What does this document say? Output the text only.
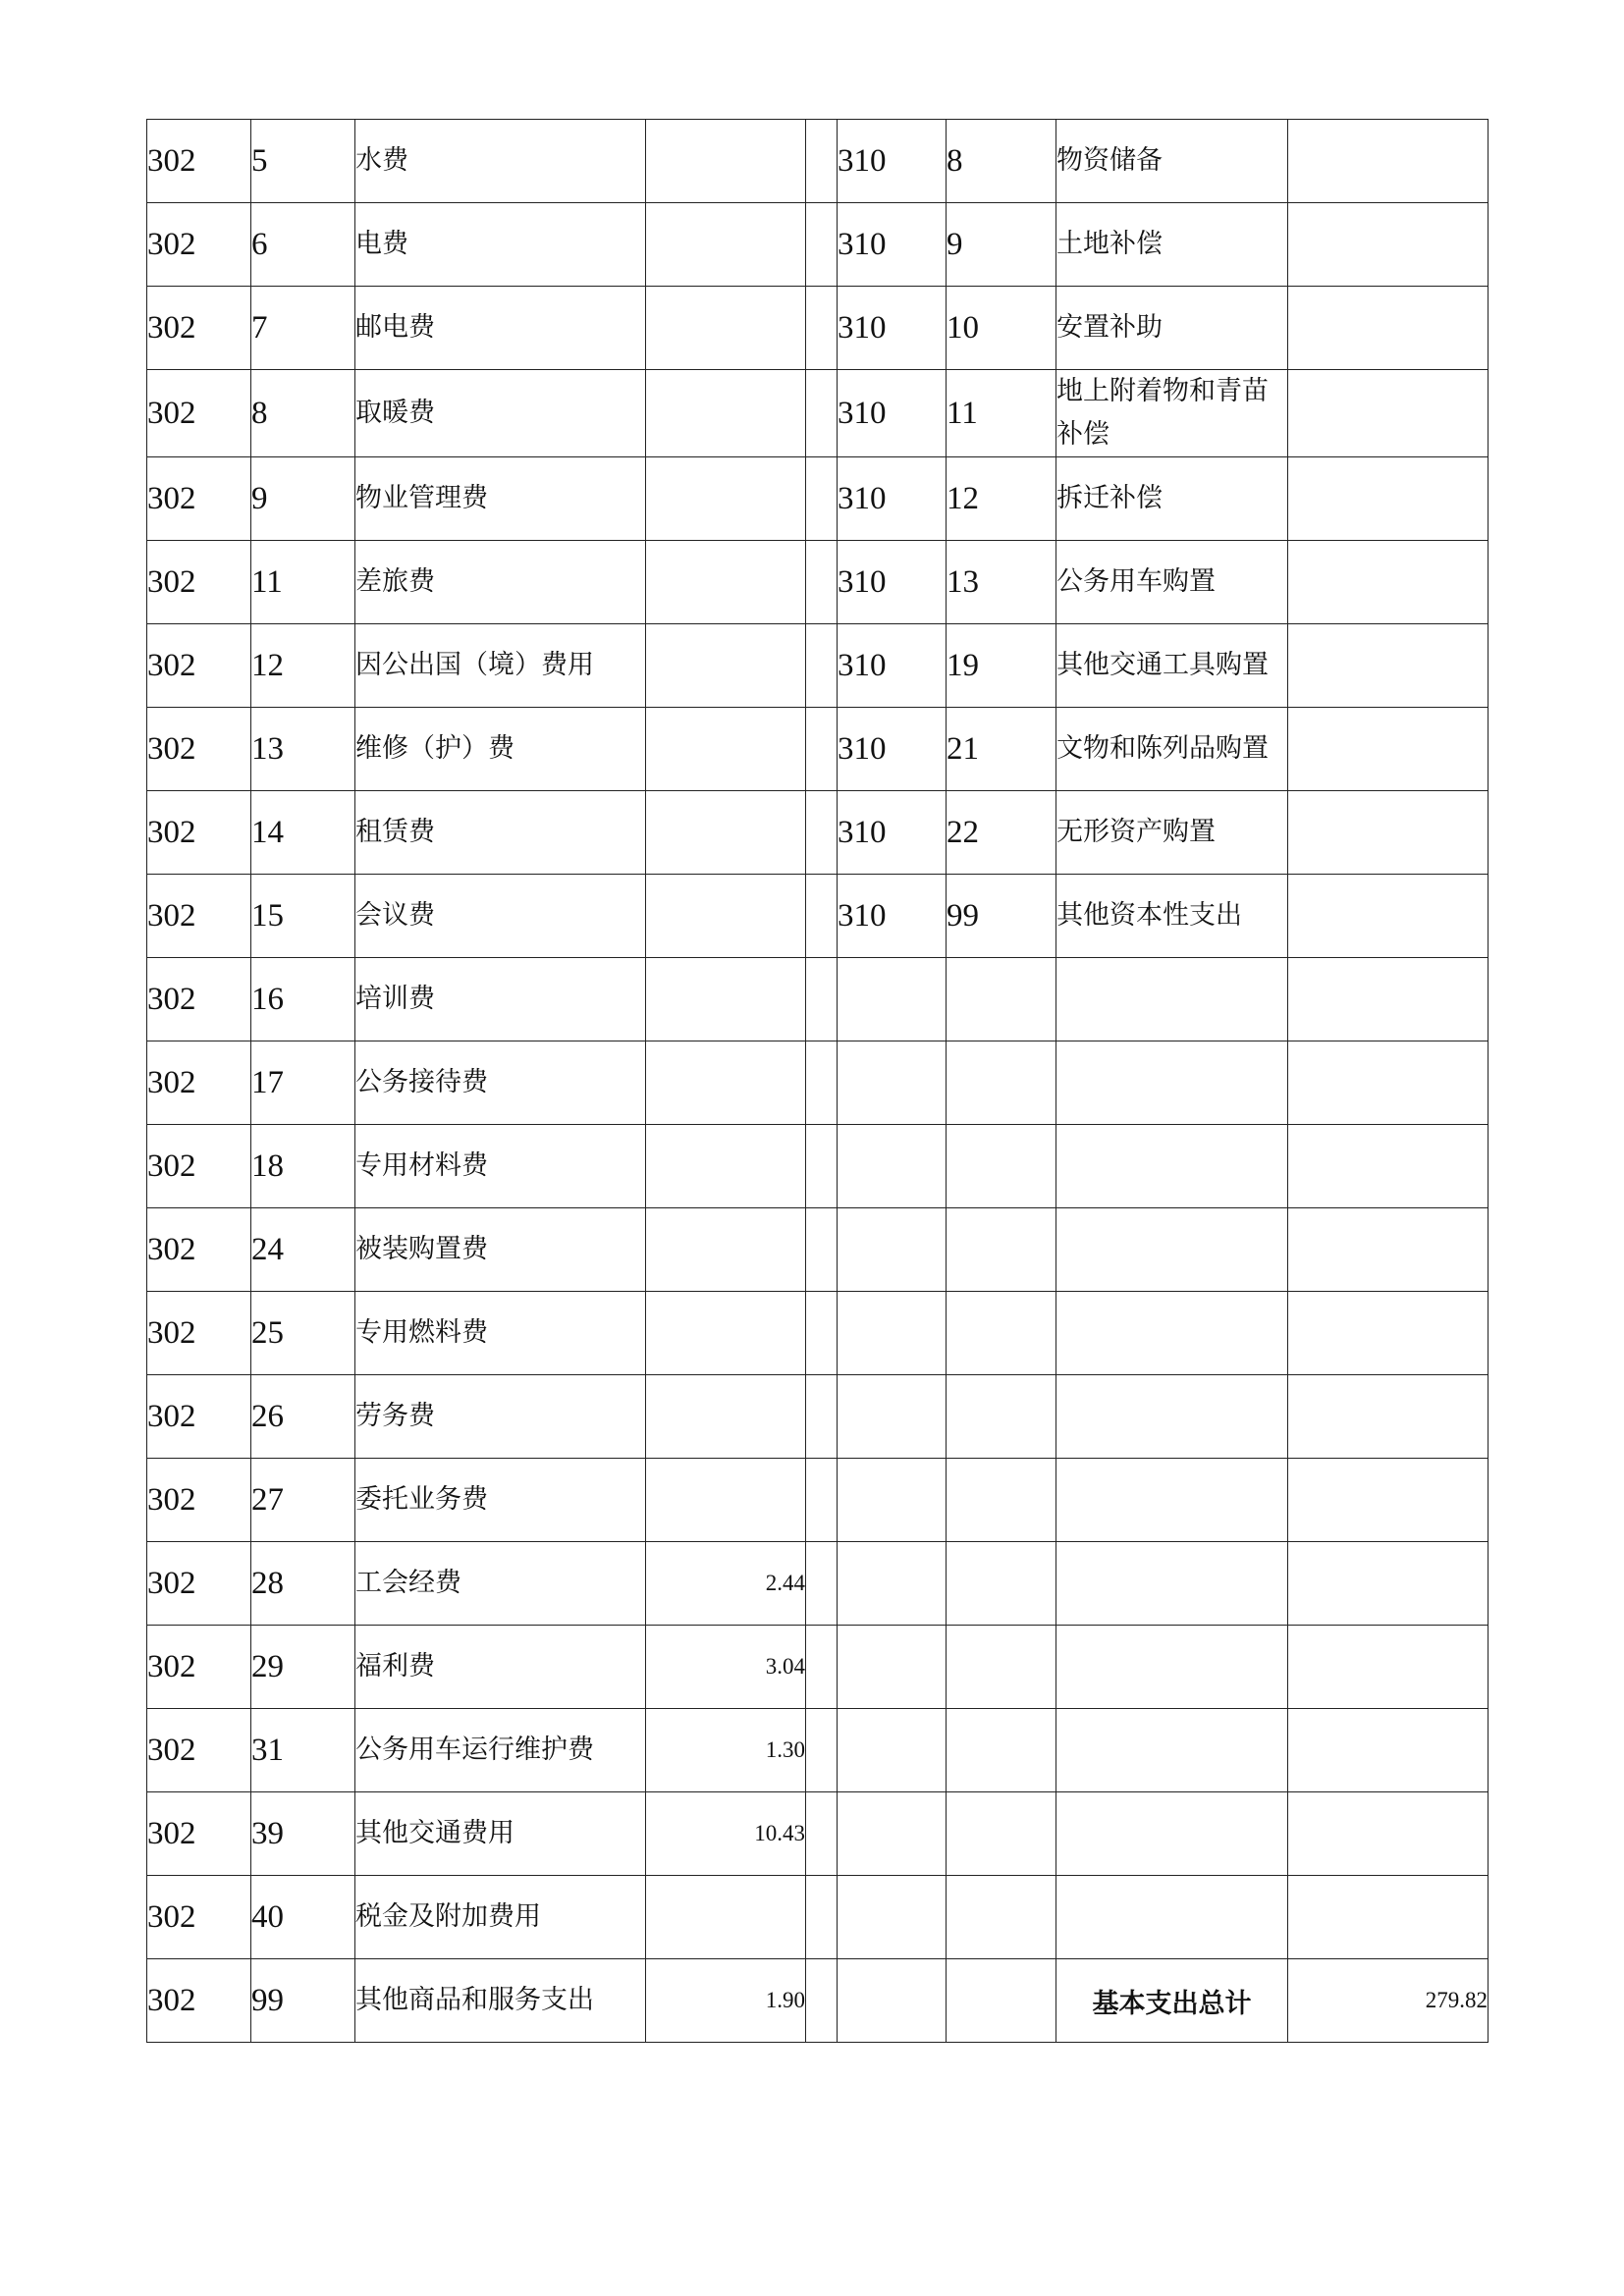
302	5	水费			310	8	物资储备	
302	6	电费			310	9	土地补偿	
302	7	邮电费			310	10	安置补助	
302	8	取暖费			310	11	地上附着物和青苗补偿	
302	9	物业管理费			310	12	拆迁补偿	
302	11	差旅费			310	13	公务用车购置	
302	12	因公出国（境）费用			310	19	其他交通工具购置	
302	13	维修（护）费			310	21	文物和陈列品购置	
302	14	租赁费			310	22	无形资产购置	
302	15	会议费			310	99	其他资本性支出	
302	16	培训费						
302	17	公务接待费						
302	18	专用材料费						
302	24	被装购置费						
302	25	专用燃料费						
302	26	劳务费						
302	27	委托业务费						
302	28	工会经费	2.44					
302	29	福利费	3.04					
302	31	公务用车运行维护费	1.30					
302	39	其他交通费用	10.43					
302	40	税金及附加费用						
302	99	其他商品和服务支出	1.90				基本支出总计	279.82
